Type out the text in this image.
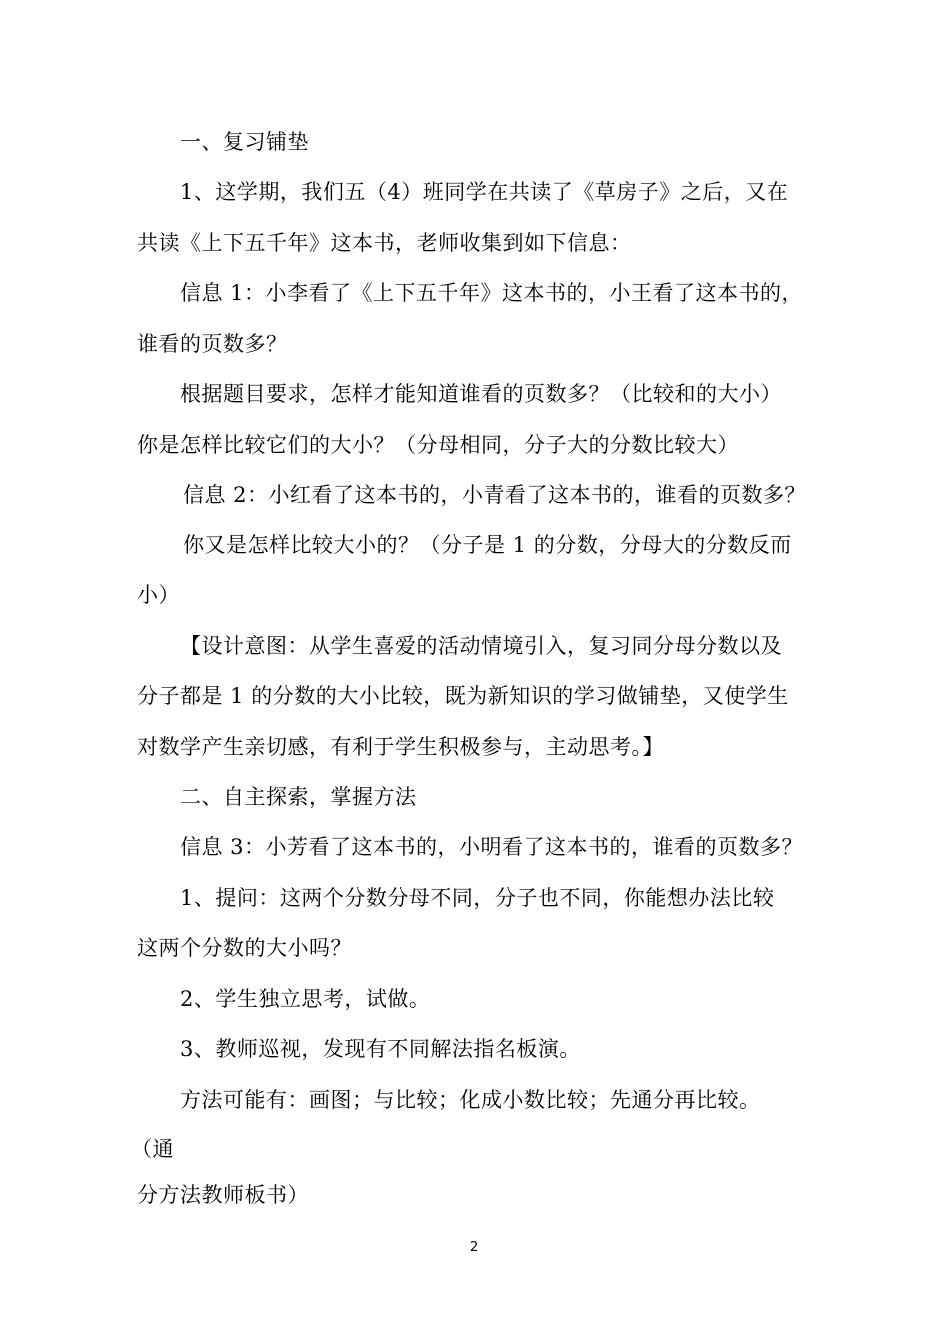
一、复习铺垫
1、这学期，我们五（4）班同学在共读了《草房子》之后，又在
共读《上下五千年》这本书，老师收集到如下信息：
信息 1：小李看了《上下五千年》这本书的，小王看了这本书的，
谁看的页数多？
根据题目要求，怎样才能知道谁看的页数多？（比较和的大小）
你是怎样比较它们的大小？（分母相同，分子大的分数比较大）
信息 2：小红看了这本书的，小青看了这本书的，谁看的页数多？
你又是怎样比较大小的？（分子是 1 的分数，分母大的分数反而
小）
【设计意图：从学生喜爱的活动情境引入，复习同分母分数以及
分子都是 1 的分数的大小比较，既为新知识的学习做铺垫，又使学生
对数学产生亲切感，有利于学生积极参与，主动思考。】
二、自主探索，掌握方法
信息 3：小芳看了这本书的，小明看了这本书的，谁看的页数多？
1、提问：这两个分数分母不同，分子也不同，你能想办法比较
这两个分数的大小吗？
2、学生独立思考，试做。
3、教师巡视，发现有不同解法指名板演。
方法可能有：画图；与比较；化成小数比较；先通分再比较。
（通
分方法教师板书）
2
